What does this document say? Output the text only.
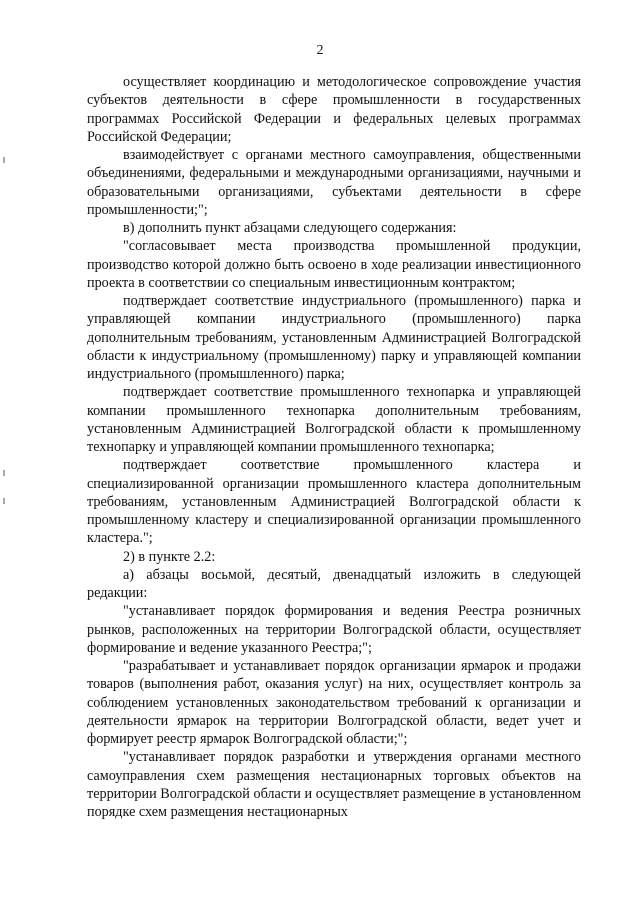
2

осуществляет координацию и методологическое сопровождение участия субъектов деятельности в сфере промышленности в государственных программах Российской Федерации и федеральных целевых программах Российской Федерации;

взаимодействует с органами местного самоуправления, общественными объединениями, федеральными и международными организациями, научными и образовательными организациями, субъектами деятельности в сфере промышленности;";

в) дополнить пункт абзацами следующего содержания:

"согласовывает места производства промышленной продукции, производство которой должно быть освоено в ходе реализации инвестиционного проекта в соответствии со специальным инвестиционным контрактом;

подтверждает соответствие индустриального (промышленного) парка и управляющей компании индустриального (промышленного) парка дополнительным требованиям, установленным Администрацией Волгоградской области к индустриальному (промышленному) парку и управляющей компании индустриального (промышленного) парка;

подтверждает соответствие промышленного технопарка и управляющей компании промышленного технопарка дополнительным требованиям, установленным Администрацией Волгоградской области к промышленному технопарку и управляющей компании промышленного технопарка;

подтверждает соответствие промышленного кластера и специализированной организации промышленного кластера дополнительным требованиям, установленным Администрацией Волгоградской области к промышленному кластеру и специализированной организации промышленного кластера.";

2) в пункте 2.2:

а) абзацы восьмой, десятый, двенадцатый изложить в следующей редакции:

"устанавливает порядок формирования и ведения Реестра розничных рынков, расположенных на территории Волгоградской области, осуществляет формирование и ведение указанного Реестра;";

"разрабатывает и устанавливает порядок организации ярмарок и продажи товаров (выполнения работ, оказания услуг) на них, осуществляет контроль за соблюдением установленных законодательством требований к организации и деятельности ярмарок на территории Волгоградской области, ведет учет и формирует реестр ярмарок Волгоградской области;";

"устанавливает порядок разработки и утверждения органами местного самоуправления схем размещения нестационарных торговых объектов на территории Волгоградской области и осуществляет размещение в установленном порядке схем размещения нестационарных
